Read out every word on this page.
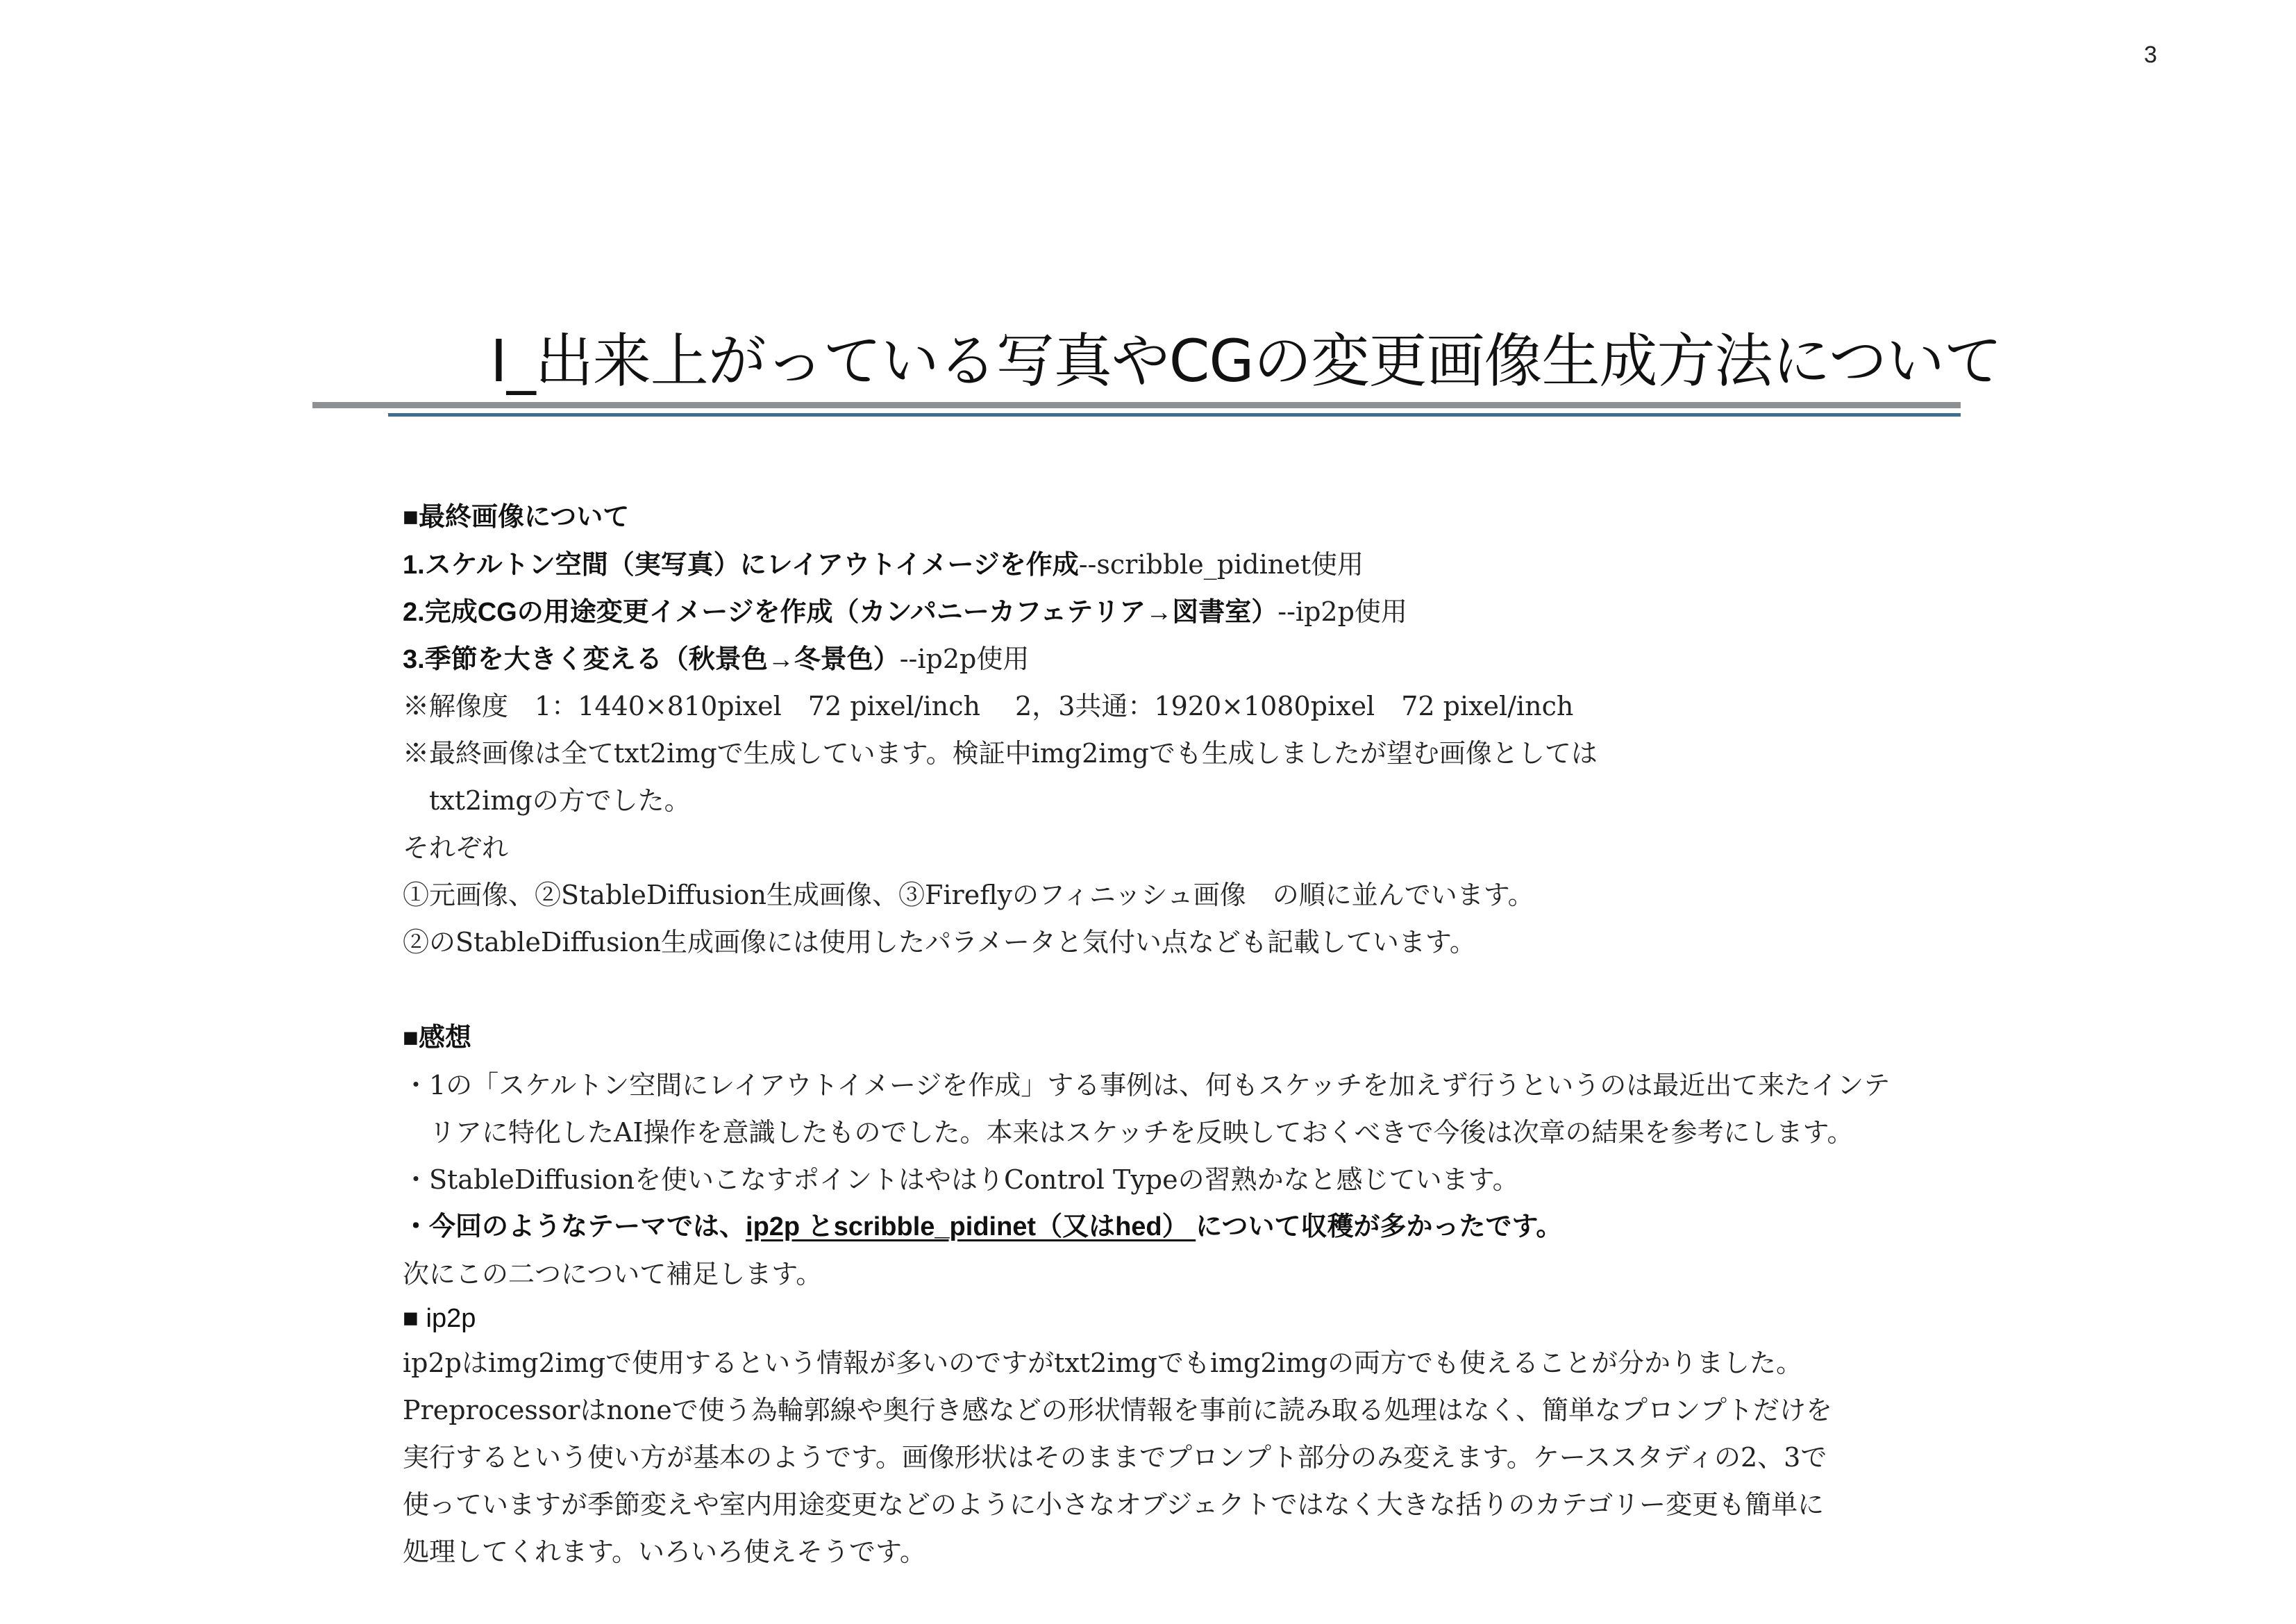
3
Ⅰ_出来上がっている写真やCGの変更画像生成方法について
■最終画像について
1.スケルトン空間（実写真）にレイアウトイメージを作成--scribble_pidinet使用
2.完成CGの用途変更イメージを作成（カンパニーカフェテリア→図書室）--ip2p使用
3.季節を大きく変える（秋景色→冬景色）--ip2p使用
※解像度　1：1440×810pixel　72 pixel/inch　 2，3共通：1920×1080pixel　72 pixel/inch
※最終画像は全てtxt2imgで生成しています。検証中img2imgでも生成しましたが望む画像としては
　txt2imgの方でした。
それぞれ
①元画像、②StableDiffusion生成画像、③Fireflyのフィニッシュ画像　の順に並んでいます。
②のStableDiffusion生成画像には使用したパラメータと気付い点なども記載しています。
■感想
・1の「スケルトン空間にレイアウトイメージを作成」する事例は、何もスケッチを加えず行うというのは最近出て来たインテ
　リアに特化したAI操作を意識したものでした。本来はスケッチを反映しておくべきで今後は次章の結果を参考にします。
・StableDiffusionを使いこなすポイントはやはりControl Typeの習熟かなと感じています。
・今回のようなテーマでは、ip2p とscribble_pidinet（又はhed） について収穫が多かったです。
次にこの二つについて補足します。
■ ip2p
ip2pはimg2imgで使用するという情報が多いのですがtxt2imgでもimg2imgの両方でも使えることが分かりました。
Preprocessorはnoneで使う為輪郭線や奥行き感などの形状情報を事前に読み取る処理はなく、簡単なプロンプトだけを
実行するという使い方が基本のようです。画像形状はそのままでプロンプト部分のみ変えます。ケーススタディの2、3で
使っていますが季節変えや室内用途変更などのように小さなオブジェクトではなく大きな括りのカテゴリー変更も簡単に
処理してくれます。いろいろ使えそうです。
